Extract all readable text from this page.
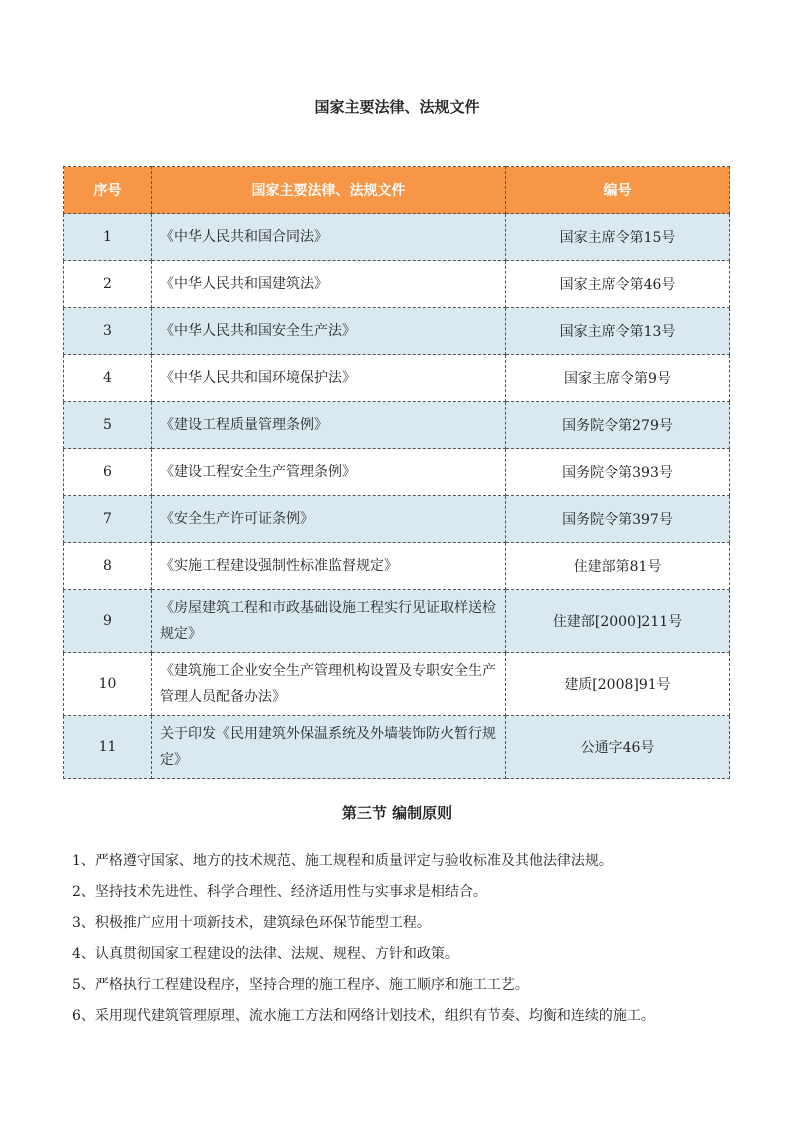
国家主要法律、法规文件
序号	国家主要法律、法规文件	编号
1	《中华人民共和国合同法》	国家主席令第15号
2	《中华人民共和国建筑法》	国家主席令第46号
3	《中华人民共和国安全生产法》	国家主席令第13号
4	《中华人民共和国环境保护法》	国家主席令第9号
5	《建设工程质量管理条例》	国务院令第279号
6	《建设工程安全生产管理条例》	国务院令第393号
7	《安全生产许可证条例》	国务院令第397号
8	《实施工程建设强制性标准监督规定》	住建部第81号
9	《房屋建筑工程和市政基础设施工程实行见证取样送检规定》	住建部[2000]211号
10	《建筑施工企业安全生产管理机构设置及专职安全生产管理人员配备办法》	建质[2008]91号
11	关于印发《民用建筑外保温系统及外墙装饰防火暂行规定》	公通字46号
第三节 编制原则
1、严格遵守国家、地方的技术规范、施工规程和质量评定与验收标准及其他法律法规。
2、坚持技术先进性、科学合理性、经济适用性与实事求是相结合。
3、积极推广应用十项新技术，建筑绿色环保节能型工程。
4、认真贯彻国家工程建设的法律、法规、规程、方针和政策。
5、严格执行工程建设程序，坚持合理的施工程序、施工顺序和施工工艺。
6、采用现代建筑管理原理、流水施工方法和网络计划技术，组织有节奏、均衡和连续的施工。
